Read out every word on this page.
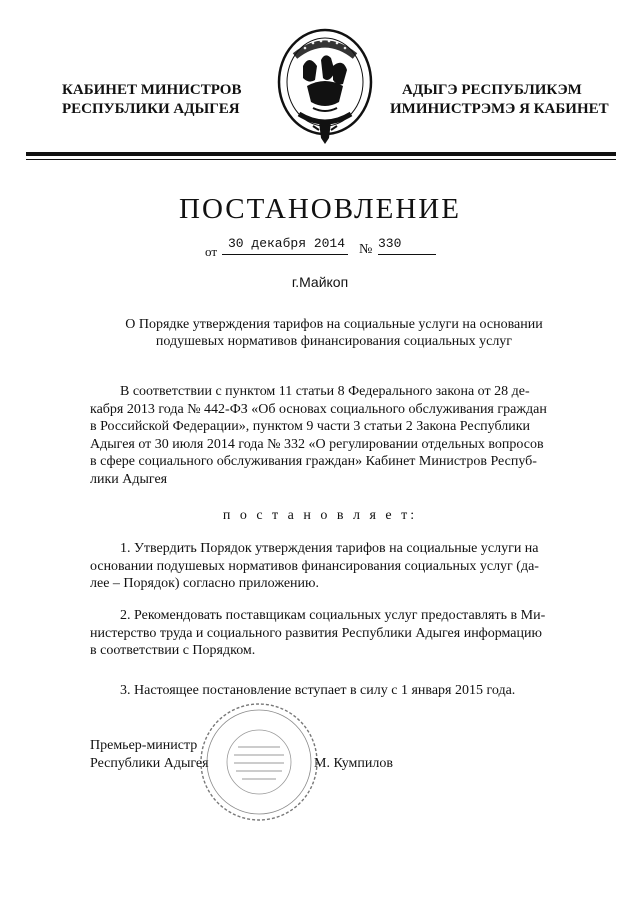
КАБИНЕТ МИНИСТРОВ
РЕСПУБЛИКИ АДЫГЕЯ
АДЫГЭ РЕСПУБЛИКЭМ
ИМИНИСТРЭМЭ Я КАБИНЕТ
ПОСТАНОВЛЕНИЕ
от
30 декабря 2014 № 330
г.Майкоп
О Порядке утверждения тарифов на социальные услуги на основании
подушевых нормативов финансирования социальных услуг
В соответствии с пунктом 11 статьи 8 Федерального закона от 28 де-
кабря 2013 года № 442-ФЗ «Об основах социального обслуживания граждан
в Российской Федерации», пунктом 9 части 3 статьи 2 Закона Республики
Адыгея от 30 июля 2014 года № 332 «О регулировании отдельных вопросов
в сфере социального обслуживания граждан» Кабинет Министров Респуб-
лики Адыгея
п о с т а н о в л я е т:
1. Утвердить Порядок утверждения тарифов на социальные услуги на
основании подушевых нормативов финансирования социальных услуг (да-
лее – Порядок) согласно приложению.
2. Рекомендовать поставщикам социальных услуг предоставлять в Ми-
нистерство труда и социального развития Республики Адыгея информацию
в соответствии с Порядком.
3. Настоящее постановление вступает в силу с 1 января 2015 года.
Премьер-министр
Республики Адыгея	М. Кумпилов
